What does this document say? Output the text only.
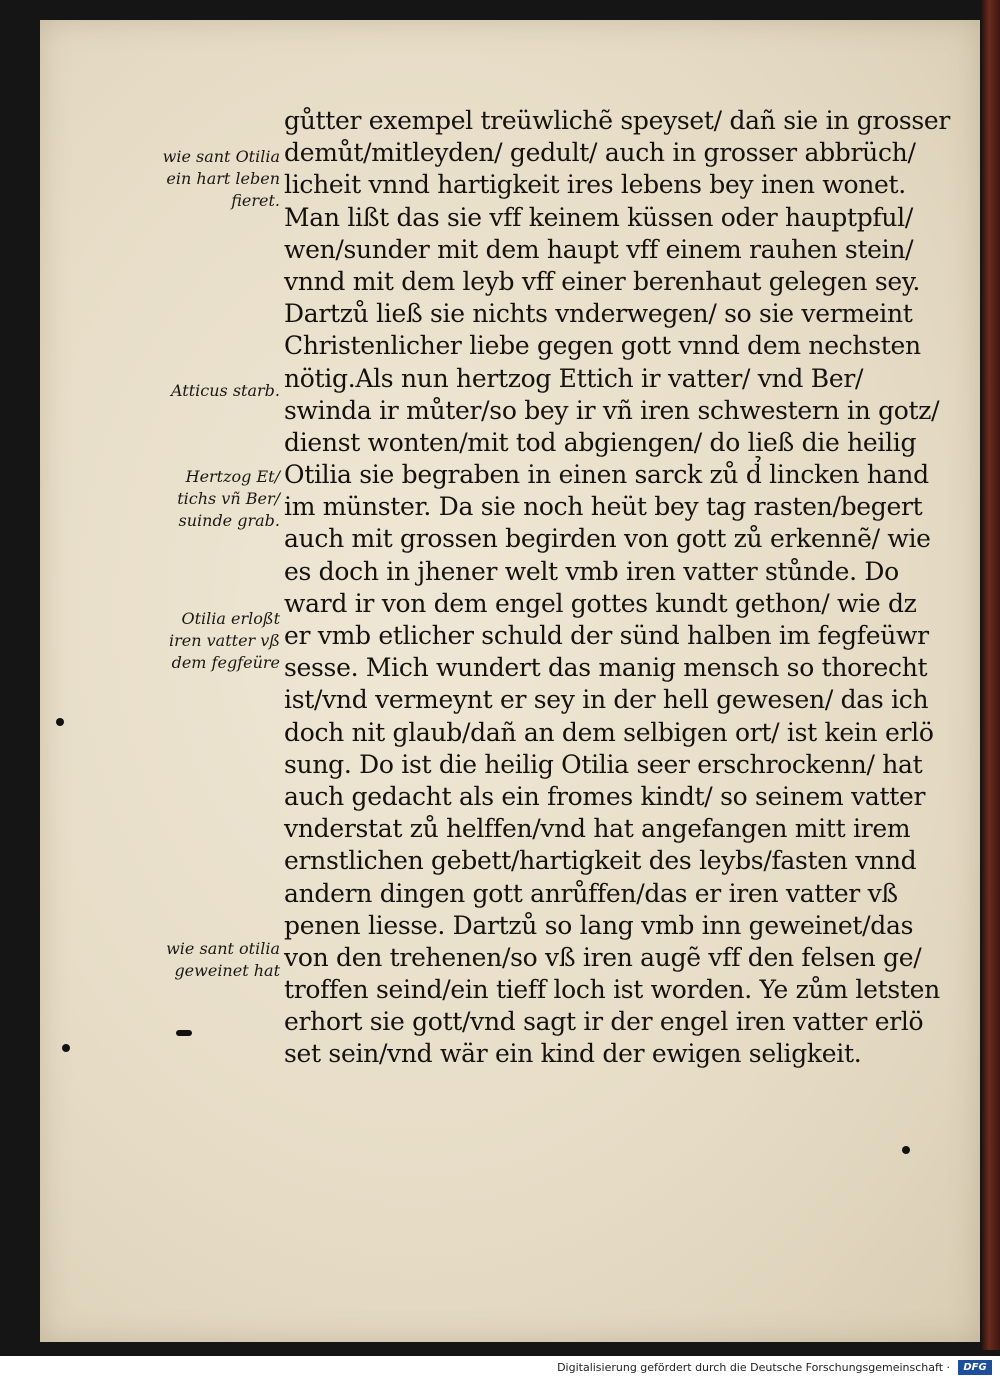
wie sant Otilia
ein hart leben
fieret.
Atticus starb.
Hertzog Et/
tichs vñ Ber/
suinde grab.
Otilia erloßt
iren vatter vß
dem fegfeüre
wie sant otilia
geweinet hat
gůtter exempel treüwlichẽ speyset/ dañ sie in grosser
demůt/mitleyden/ gedult/ auch in grosser abbrüch/
lichei̇t vnnd hartigkeit ires lebens bey inen wonet.
Man lißt das sie vff keinem küssen oder hauptpful/
wen/sunder mit dem haupt vff einem rauhen stein/
vnnd mit dem leyb vff einer berenhaut gelegen sey.
Dartzů ließ sie nichts vnderwegen/ so sie vermeint
Christenlicher liebe gegen gott vnnd dem nechsten
nötig.Als nun hertzog Ettich ir vatter/ vnd Ber/
swinda ir můter/so bey ir vñ iren schwestern in gotz/
dienst wonten/mit tod abgiengen/ do ließ die heilig
Otilia sie begraben in einen sarck zů d̉ lincken hand
im münster. Da sie noch heüt bey tag rasten/begert
auch mit grossen begirden von gott zů erkennẽ/ wie
es doch in jhener welt vmb iren vatter stůnde. Do
ward ir von dem engel gottes kundt gethon/ wie dz
er vmb etlicher schuld der sünd halben im fegfeüwr
sesse. Mich wundert das manig mensch so thorecht
ist/vnd vermeynt er sey in der hell gewesen/ das ich
doch nit glaub/dañ an dem selbigen ort/ ist kein erlö
sung. Do ist die heilig Otilia seer erschrockenn/ hat
auch gedacht als ein fromes kindt/ so seinem vatter
vnderstat zů helffen/vnd hat angefangen mitt irem
ernstlichen gebett/hartigkeit des leybs/fasten vnnd
andern dingen gott anrůffen/das er iren vatter vß
penen liesse. Dartzů so lang vmb inn geweinet/das
von den trehenen/so vß iren augẽ vff den felsen ge/
troffen seind/ein tieff loch ist worden. Ye zům letsten
erhort sie gott/vnd sagt ir der engel iren vatter erlö
set sein/vnd wär ein kind der ewigen seligkeit.
Digitalisierung gefördert durch die Deutsche Forschungsgemeinschaft ·	DFG
